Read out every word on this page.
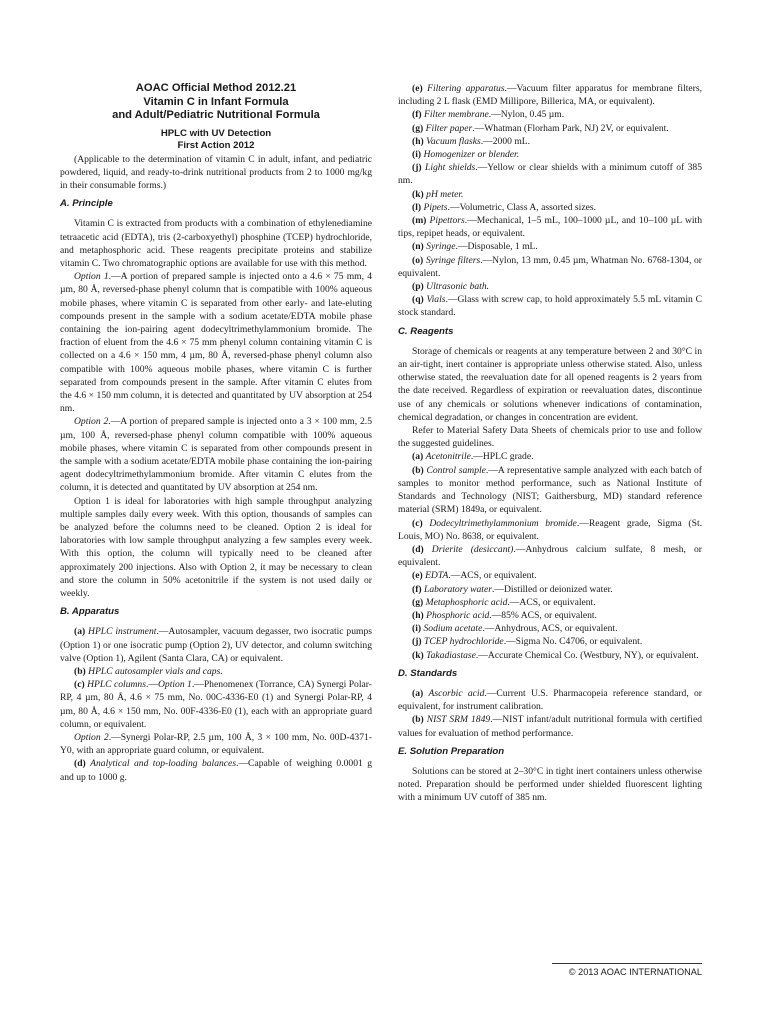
AOAC Official Method 2012.21
Vitamin C in Infant Formula
and Adult/Pediatric Nutritional Formula
HPLC with UV Detection
First Action 2012

(Applicable to the determination of vitamin C in adult, infant, and pediatric powdered, liquid, and ready-to-drink nutritional products from 2 to 1000 mg/kg in their consumable forms.)

A. Principle

Vitamin C is extracted from products with a combination of ethylenediamine tetraacetic acid (EDTA), tris (2-carboxyethyl) phosphine (TCEP) hydrochloride, and metaphosphoric acid. These reagents precipitate proteins and stabilize vitamin C. Two chromatographic options are available for use with this method.

Option 1.—A portion of prepared sample is injected onto a 4.6 × 75 mm, 4 µm, 80 Å, reversed-phase phenyl column that is compatible with 100% aqueous mobile phases, where vitamin C is separated from other early- and late-eluting compounds present in the sample with a sodium acetate/EDTA mobile phase containing the ion-pairing agent dodecyltrimethylammonium bromide. The fraction of eluent from the 4.6 × 75 mm phenyl column containing vitamin C is collected on a 4.6 × 150 mm, 4 µm, 80 Å, reversed-phase phenyl column also compatible with 100% aqueous mobile phases, where vitamin C is further separated from compounds present in the sample. After vitamin C elutes from the 4.6 × 150 mm column, it is detected and quantitated by UV absorption at 254 nm.

Option 2.—A portion of prepared sample is injected onto a 3 × 100 mm, 2.5 µm, 100 Å, reversed-phase phenyl column compatible with 100% aqueous mobile phases, where vitamin C is separated from other compounds present in the sample with a sodium acetate/EDTA mobile phase containing the ion-pairing agent dodecyltrimethylammonium bromide. After vitamin C elutes from the column, it is detected and quantitated by UV absorption at 254 nm.

Option 1 is ideal for laboratories with high sample throughput analyzing multiple samples daily every week. With this option, thousands of samples can be analyzed before the columns need to be cleaned. Option 2 is ideal for laboratories with low sample throughput analyzing a few samples every week. With this option, the column will typically need to be cleaned after approximately 200 injections. Also with Option 2, it may be necessary to clean and store the column in 50% acetonitrile if the system is not used daily or weekly.

B. Apparatus

(a) HPLC instrument.—Autosampler, vacuum degasser, two isocratic pumps (Option 1) or one isocratic pump (Option 2), UV detector, and column switching valve (Option 1), Agilent (Santa Clara, CA) or equivalent.

(b) HPLC autosampler vials and caps.

(c) HPLC columns.—Option 1.—Phenomenex (Torrance, CA) Synergi Polar-RP, 4 µm, 80 Å, 4.6 × 75 mm, No. 00C-4336-E0 (1) and Synergi Polar-RP, 4 µm, 80 Å, 4.6 × 150 mm, No. 00F-4336-E0 (1), each with an appropriate guard column, or equivalent.

Option 2.—Synergi Polar-RP, 2.5 µm, 100 Å, 3 × 100 mm, No. 00D-4371-Y0, with an appropriate guard column, or equivalent.

(d) Analytical and top-loading balances.—Capable of weighing 0.0001 g and up to 1000 g.

(e) Filtering apparatus.—Vacuum filter apparatus for membrane filters, including 2 L flask (EMD Millipore, Billerica, MA, or equivalent).

(f) Filter membrane.—Nylon, 0.45 µm.

(g) Filter paper.—Whatman (Florham Park, NJ) 2V, or equivalent.

(h) Vacuum flasks.—2000 mL.

(i) Homogenizer or blender.

(j) Light shields.—Yellow or clear shields with a minimum cutoff of 385 nm.

(k) pH meter.

(l) Pipets.—Volumetric, Class A, assorted sizes.

(m) Pipettors.—Mechanical, 1–5 mL, 100–1000 µL, and 10–100 µL with tips, repipet heads, or equivalent.

(n) Syringe.—Disposable, 1 mL.

(o) Syringe filters.—Nylon, 13 mm, 0.45 µm, Whatman No. 6768-1304, or equivalent.

(p) Ultrasonic bath.

(q) Vials.—Glass with screw cap, to hold approximately 5.5 mL vitamin C stock standard.

C. Reagents

Storage of chemicals or reagents at any temperature between 2 and 30°C in an air-tight, inert container is appropriate unless otherwise stated. Also, unless otherwise stated, the reevaluation date for all opened reagents is 2 years from the date received. Regardless of expiration or reevaluation dates, discontinue use of any chemicals or solutions whenever indications of contamination, chemical degradation, or changes in concentration are evident.

Refer to Material Safety Data Sheets of chemicals prior to use and follow the suggested guidelines.

(a) Acetonitrile.—HPLC grade.

(b) Control sample.—A representative sample analyzed with each batch of samples to monitor method performance, such as National Institute of Standards and Technology (NIST; Gaithersburg, MD) standard reference material (SRM) 1849a, or equivalent.

(c) Dodecyltrimethylammonium bromide.—Reagent grade, Sigma (St. Louis, MO) No. 8638, or equivalent.

(d) Drierite (desiccant).—Anhydrous calcium sulfate, 8 mesh, or equivalent.

(e) EDTA.—ACS, or equivalent.

(f) Laboratory water.—Distilled or deionized water.

(g) Metaphosphoric acid.—ACS, or equivalent.

(h) Phosphoric acid.—85% ACS, or equivalent.

(i) Sodium acetate.—Anhydrous, ACS, or equivalent.

(j) TCEP hydrochloride.—Sigma No. C4706, or equivalent.

(k) Takadiastase.—Accurate Chemical Co. (Westbury, NY), or equivalent.

D. Standards

(a) Ascorbic acid.—Current U.S. Pharmacopeia reference standard, or equivalent, for instrument calibration.

(b) NIST SRM 1849.—NIST infant/adult nutritional formula with certified values for evaluation of method performance.

E. Solution Preparation

Solutions can be stored at 2–30°C in tight inert containers unless otherwise noted. Preparation should be performed under shielded fluorescent lighting with a minimum UV cutoff of 385 nm.

© 2013 AOAC INTERNATIONAL
